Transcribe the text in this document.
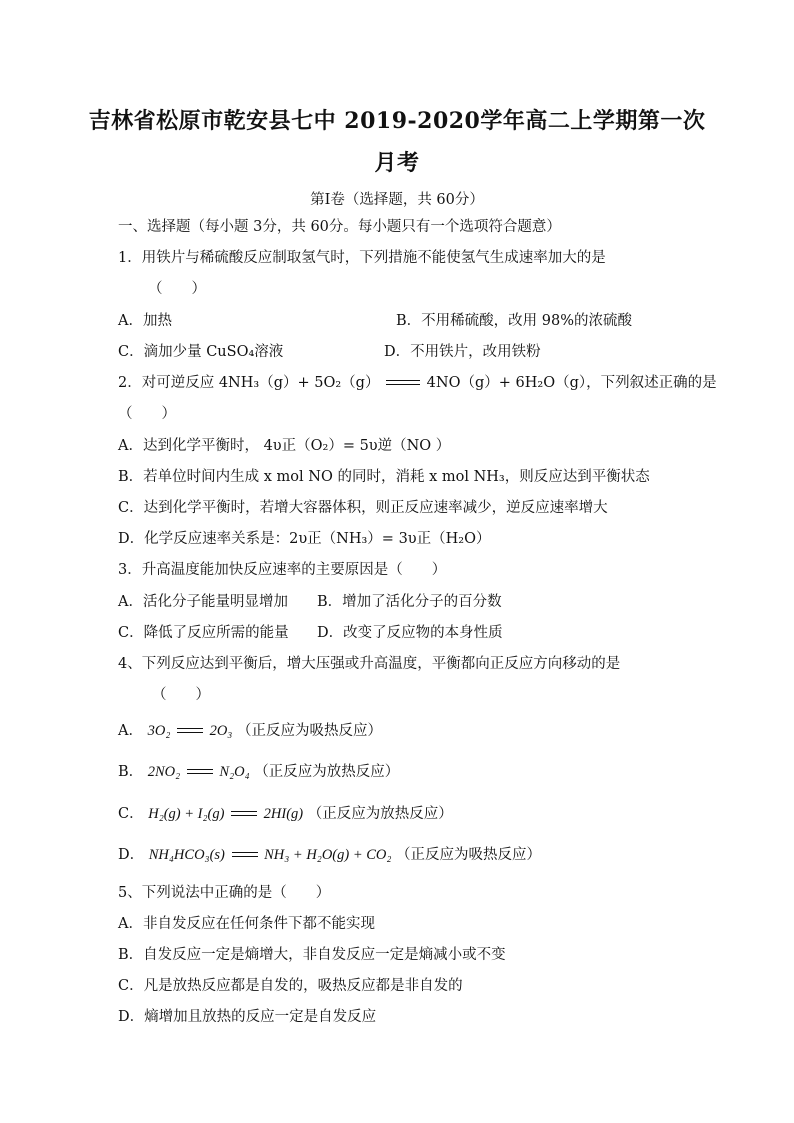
吉林省松原市乾安县七中 2019-2020学年高二上学期第一次
月考
第Ⅰ卷（选择题，共 60分）
一、选择题（每小题 3分，共 60分。每小题只有一个选项符合题意）
1．用铁片与稀硫酸反应制取氢气时，下列措施不能使氢气生成速率加大的是
（　　）
A．加热	B．不用稀硫酸，改用 98%的浓硫酸
C．滴加少量 CuSO₄溶液	D．不用铁片，改用铁粉
2．对可逆反应 4NH₃（g）+ 5O₂（g）	4NO（g）+ 6H₂O（g），下列叙述正确的是
（　　）
A．达到化学平衡时， 4υ正（O₂）= 5υ逆（NO ）
B．若单位时间内生成 x mol NO 的同时，消耗 x mol NH₃，则反应达到平衡状态
C．达到化学平衡时，若增大容器体积，则正反应速率减少，逆反应速率增大
D．化学反应速率关系是：2υ正（NH₃）= 3υ正（H₂O）
3．升高温度能加快反应速率的主要原因是（　　）
A．活化分子能量明显增加 B．增加了活化分子的百分数
C．降低了反应所需的能量 D．改变了反应物的本身性质
4、下列反应达到平衡后，增大压强或升高温度，平衡都向正反应方向移动的是
（　　）
A． 3O₂	2O₃ （正反应为吸热反应）
B． 2NO₂	N₂O₄ （正反应为放热反应）
C． H₂(g) + I₂(g)	2HI(g) （正反应为放热反应）
D． NH₄HCO₃(s)	NH₃ + H₂O(g) + CO₂ （正反应为吸热反应）
5、下列说法中正确的是（　　）
A．非自发反应在任何条件下都不能实现
B．自发反应一定是熵增大，非自发反应一定是熵减小或不变
C．凡是放热反应都是自发的，吸热反应都是非自发的
D．熵增加且放热的反应一定是自发反应
